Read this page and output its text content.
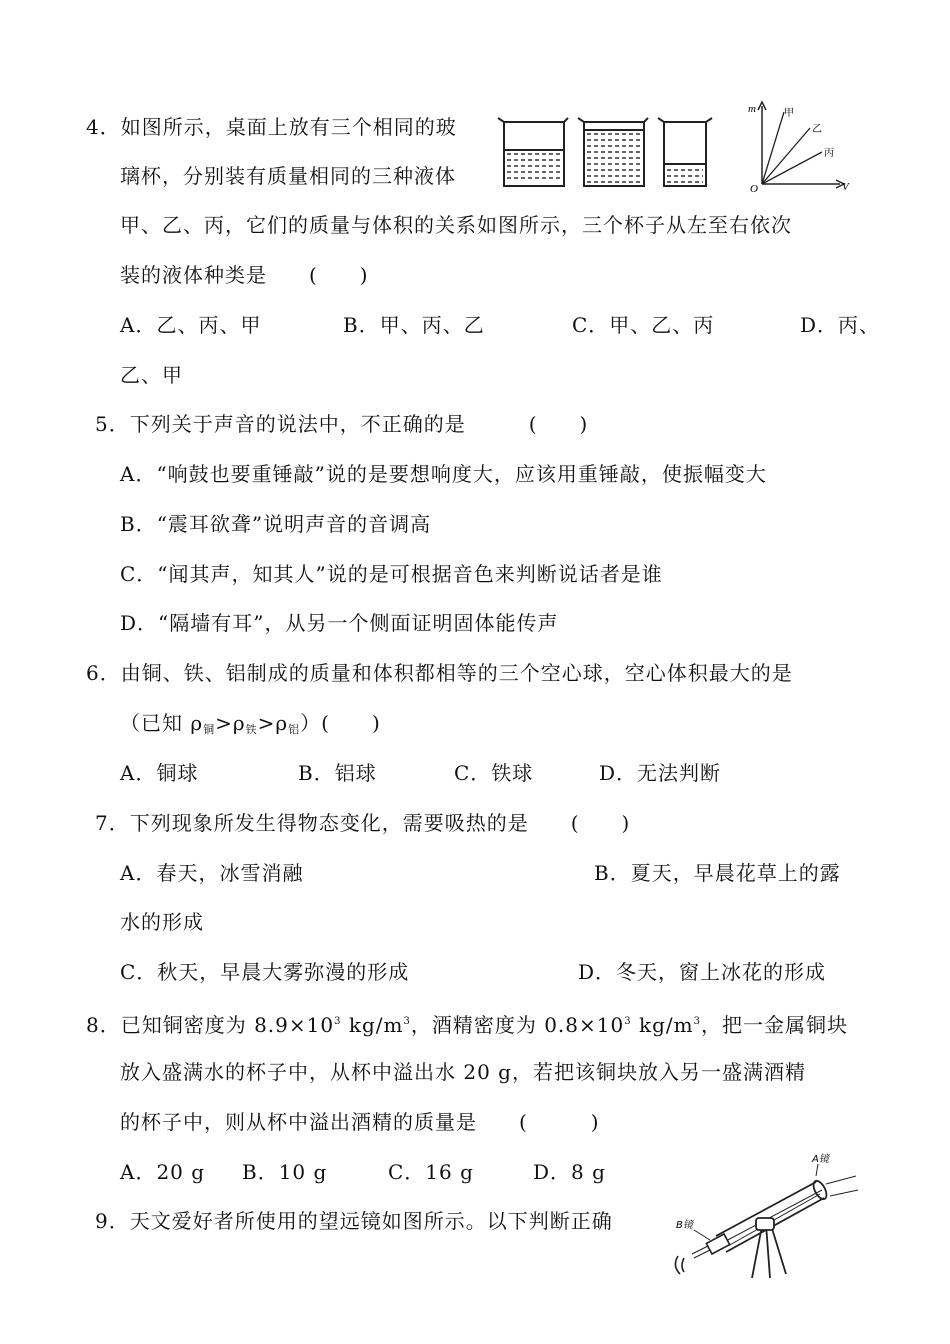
4．如图所示，桌面上放有三个相同的玻
璃杯，分别装有质量相同的三种液体
甲、乙、丙，它们的质量与体积的关系如图所示，三个杯子从左至右依次
装的液体种类是　　(　　)
A．乙、丙、甲	B．甲、丙、乙	C．甲、乙、丙	D．丙、
乙、甲
m
V
O
甲
乙
丙
5．下列关于声音的说法中，不正确的是　　　(　　)
A．“响鼓也要重锤敲”说的是要想响度大，应该用重锤敲，使振幅变大
B．“震耳欲聋”说明声音的音调高
C．“闻其声，知其人”说的是可根据音色来判断说话者是谁
D．“隔墙有耳”，从另一个侧面证明固体能传声
6．由铜、铁、铝制成的质量和体积都相等的三个空心球，空心体积最大的是
（已知 $\rho_铜>\rho_铁>\rho_铝$）(　　)
A．铜球	B．铝球	C．铁球	D．无法判断
7．下列现象所发生得物态变化，需要吸热的是　　(　　)
A．春天，冰雪消融	B．夏天，早晨花草上的露
水的形成
C．秋天，早晨大雾弥漫的形成	D．冬天，窗上冰花的形成
8．已知铜密度为 $8.9\times 10^3$ $kg/m^3$，酒精密度为 $0.8\times 10^3$ $kg/m^3$，把一金属铜块
放入盛满水的杯子中，从杯中溢出水 20 g，若把该铜块放入另一盛满酒精
的杯子中，则从杯中溢出酒精的质量是　　(　　　)
A．20 g B．10 g	C．16 g	D．8 g
9．天文爱好者所使用的望远镜如图所示。以下判断正确
A镜
B镜
